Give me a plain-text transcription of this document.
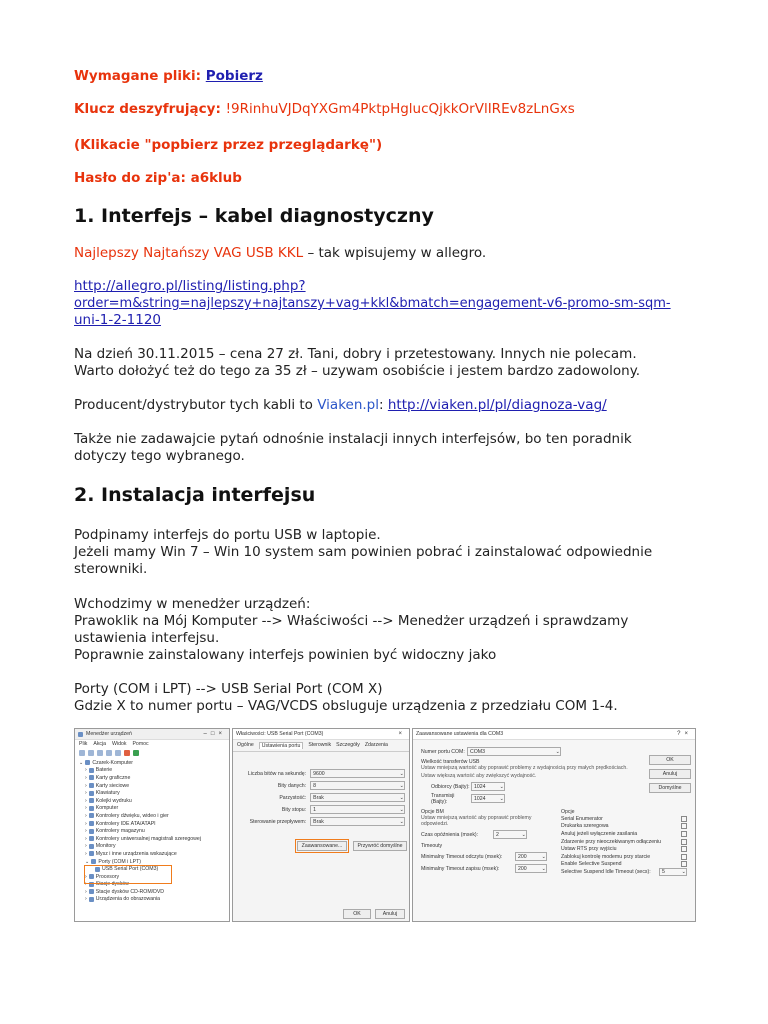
Wymagane pliki: Pobierz
Klucz deszyfrujący: !9RinhuVJDqYXGm4PktpHglucQjkkOrVlIREv8zLnGxs
(Klikacie "popbierz przez przeglądarkę")
Hasło do zip'a: a6klub
1. Interfejs – kabel diagnostyczny
Najlepszy Najtańszy VAG USB KKL – tak wpisujemy w allegro.
http://allegro.pl/listing/listing.php?
order=m&string=najlepszy+najtanszy+vag+kkl&bmatch=engagement-v6-promo-sm-sqm-
uni-1-2-1120
Na dzień 30.11.2015 – cena 27 zł. Tani, dobry i przetestowany. Innych nie polecam.
Warto dołożyć też do tego za 35 zł – uzywam osobiście i jestem bardzo zadowolony.
Producent/dystrybutor tych kabli to Viaken.pl: http://viaken.pl/pl/diagnoza-vag/
Także nie zadawajcie pytań odnośnie instalacji innych interfejsów, bo ten poradnik
dotyczy tego wybranego.
2. Instalacja interfejsu
Podpinamy interfejs do portu USB w laptopie.
Jeżeli mamy Win 7 – Win 10 system sam powinien pobrać i zainstalować odpowiednie
sterowniki.
Wchodzimy w menedżer urządzeń:
Prawoklik na Mój Komputer --> Właściwości --> Menedżer urządzeń i sprawdzamy
ustawienia interfejsu.
Poprawnie zainstalowany interfejs powinien być widoczny jako
Porty (COM i LPT) --> USB Serial Port (COM X)
Gdzie X to numer portu – VAG/VCDS obsluguje urządzenia z przedziału COM 1-4.
Menedżer urządzeń	–□×
Plik Akcja Widok Pomoc
⌄ Czarek-Komputer
› Baterie
› Karty graficzne
› Karty sieciowe
› Klawiatury
› Kolejki wydruku
› Komputer
› Kontrolery dźwięku, wideo i gier
› Kontrolery IDE ATA/ATAPI
› Kontrolery magazynu
› Kontrolery uniwersalnej magistrali szeregowej
› Monitory
› Mysz i inne urządzenia wskazujące
⌄ Porty (COM i LPT)
USB Serial Port (COM3)
› Procesory
› Stacje dysków
› Stacje dysków CD-ROM/DVD
› Urządzenia do obrazowania
Właściwości: USB Serial Port (COM3)	×
Ogólne	Ustawienia portu	Sterownik Szczegóły Zdarzenia
Liczba bitów na sekundę:	9600	⌄
Bity danych:	8	⌄
Parzystość:	Brak	⌄
Bity stopu:	1	⌄
Sterowanie przepływem:	Brak	⌄
Zaawansowane...	Przywróć domyślne
OK	Anuluj
Zaawansowane ustawienia dla COM3	?×
Numer portu COM: COM3	⌄
Wielkość transferów USB
Ustaw mniejszą wartość aby poprawić problemy z wydajnością przy małych prędkościach.
Ustaw większą wartość aby zwiększyć wydajność.
Odbiorcy (Bajty): 1024	⌄
Transmisji (Bajty):	1024	⌄
Opcje BM
Ustaw mniejszą wartość aby poprawić problemy odpowiedzi.
Czas opóźnienia (msek):	2	⌄
Timeouty
Minimalny Timeout odczytu (msek):	200	⌄
Minimalny Timeout zapisu (msek):	200	⌄
Opcje
Serial Enumerator
Drukarka szeregowa
Anuluj jeżeli wyłączenie zasilania
Zdarzenie przy nieoczekiwanym odłączeniu
Ustaw RTS przy wyjściu
Zablokuj kontrolę modemu przy starcie
Enable Selective Suspend
Selective Suspend Idle Timeout (secs): 5	⌄
OK
Anuluj
Domyślne
